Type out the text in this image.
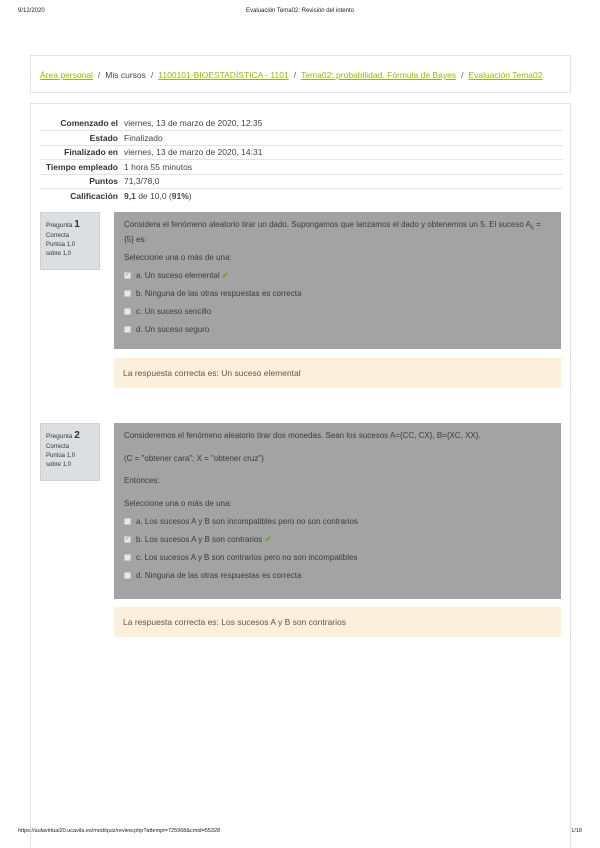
9/12/2020	Evaluación Tema02: Revisión del intento
Área personal / Mis cursos / 1100101-BIOESTADÍSTICA - 1101 / Tema02: probabilidad. Fórmula de Bayes / Evaluación Tema02
Comenzado el	viernes, 13 de marzo de 2020, 12:35
Estado	Finalizado
Finalizado en	viernes, 13 de marzo de 2020, 14:31
Tiempo empleado	1 hora 55 minutos
Puntos	71,3/78,0
Calificación	9,1 de 10,0 (91%)
Pregunta 1
Correcta
Puntúa 1,0
sobre 1,0

Considera el fenómeno aleatorio tirar un dado. Supongamos que lanzamos el dado y obtenemos un 5. El suceso $A_5 = \{5\}$ es:

Seleccione una o más de una:
✓ a. Un suceso elemental ✔
b. Ninguna de las otras respuestas es correcta
c. Un suceso sencillo
d. Un suceso seguro
La respuesta correcta es: Un suceso elemental
Pregunta 2
Correcta
Puntúa 1,0
sobre 1,0

Consideremos el fenómeno aleatorio tirar dos monedas. Sean los sucesos A={CC, CX}, B={XC, XX}.

(C = "obtener cara"; X = "obtener cruz")

Entonces:

Seleccione una o más de una:
a. Los sucesos A y B son incompatibles pero no son contrarios
✓ b. Los sucesos A y B son contrarios ✔
c. Los sucesos A y B son contrarios pero no son incompatibles
d. Ninguna de las otras respuestas es correcta
La respuesta correcta es: Los sucesos A y B son contrarios
https://aulavirtual20.ucavila.es/mod/quiz/review.php?attempt=725968&cmid=55328	1/18
